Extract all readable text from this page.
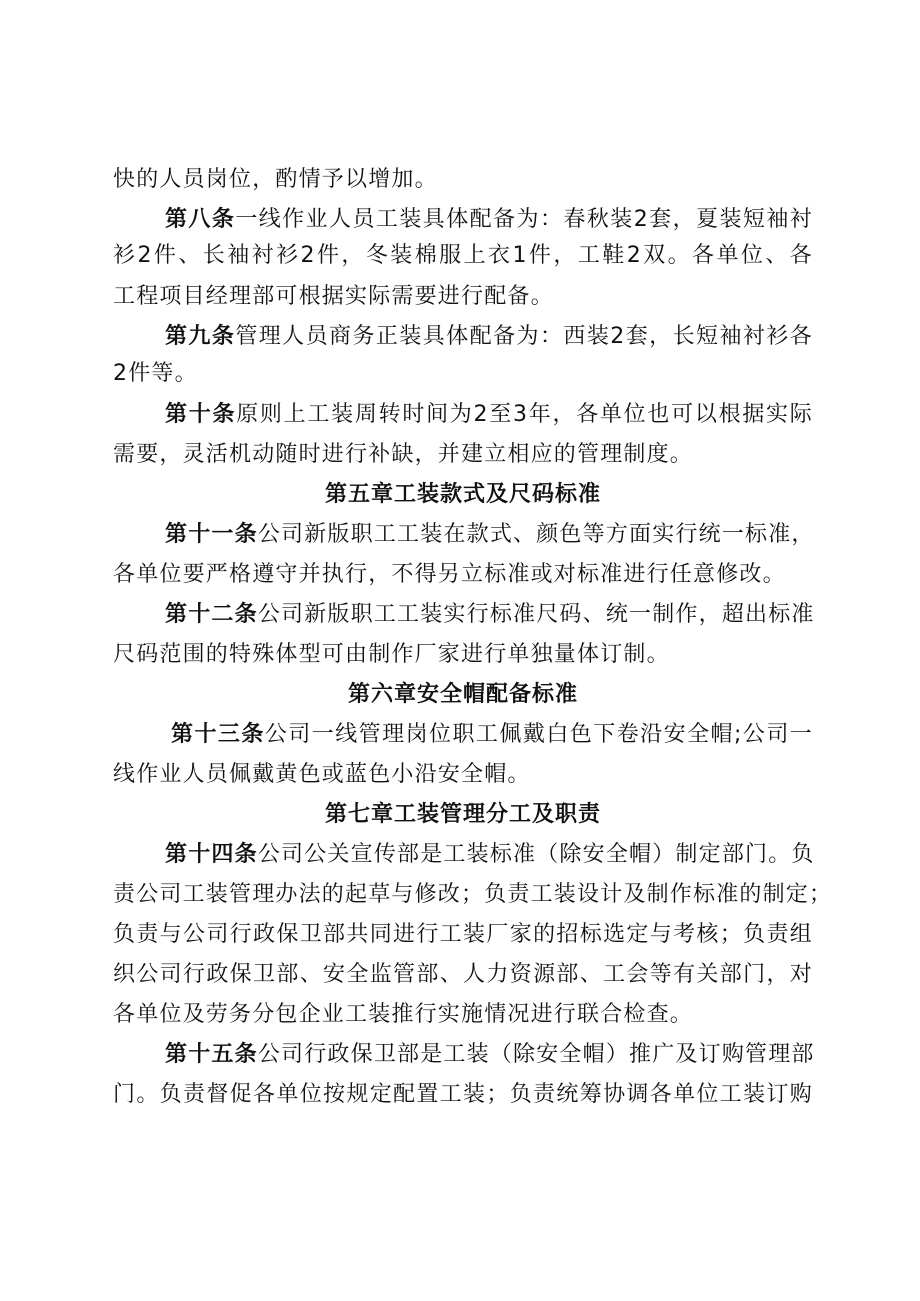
快的人员岗位，酌情予以增加。
第八条一线作业人员工装具体配备为：春秋装2套，夏装短袖衬
衫2件、长袖衬衫2件，冬装棉服上衣1件，工鞋2双。各单位、各
工程项目经理部可根据实际需要进行配备。
第九条管理人员商务正装具体配备为：西装2套，长短袖衬衫各
2件等。
第十条原则上工装周转时间为2至3年，各单位也可以根据实际
需要，灵活机动随时进行补缺，并建立相应的管理制度。
第五章工装款式及尺码标准
第十一条公司新版职工工装在款式、颜色等方面实行统一标准，
各单位要严格遵守并执行，不得另立标准或对标准进行任意修改。
第十二条公司新版职工工装实行标准尺码、统一制作，超出标准
尺码范围的特殊体型可由制作厂家进行单独量体订制。
第六章安全帽配备标准
第十三条公司一线管理岗位职工佩戴白色下卷沿安全帽;公司一
线作业人员佩戴黄色或蓝色小沿安全帽。
第七章工装管理分工及职责
第十四条公司公关宣传部是工装标准（除安全帽）制定部门。负
责公司工装管理办法的起草与修改；负责工装设计及制作标准的制定；
负责与公司行政保卫部共同进行工装厂家的招标选定与考核；负责组
织公司行政保卫部、安全监管部、人力资源部、工会等有关部门，对
各单位及劳务分包企业工装推行实施情况进行联合检查。
第十五条公司行政保卫部是工装（除安全帽）推广及订购管理部
门。负责督促各单位按规定配置工装；负责统筹协调各单位工装订购
